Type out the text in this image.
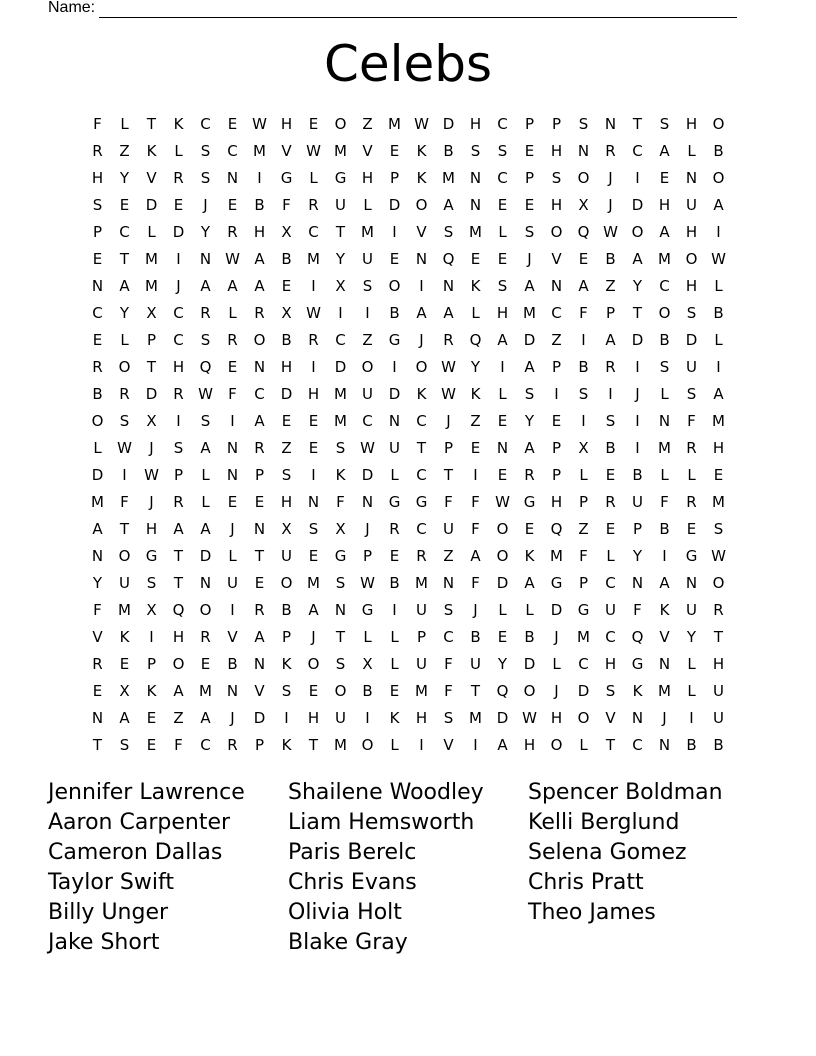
Name:
Celebs
F	L	T	K	C	E W H	E	O	Z	M W D	H	C	P	P	S	N	T	S	H	O
R	Z	K	L	S	C	M	V W M	V	E	K	B	S	S	E	H	N	R	C	A	L	B
H	Y	V	R	S	N	I	G	L	G	H	P	K	M N	C	P	S	O	J	I	E	N	O
S	E	D	E	J	E	B	F	R	U	L	D	O	A	N	E	E	H	X	J	D	H	U	A
P	C	L	D	Y	R	H	X	C	T	M	I	V	S	M	L	S	O	Q W O	A	H	I
E	T	M	I	N W A	B	M	Y	U	E	N	Q	E	E	J	V	E	B	A	M O W
N	A	M	J	A	A	A	E	I	X	S	O	I	N	K	S	A	N	A	Z	Y	C	H	L
C	Y	X	C	R	L	R	X W	I	I	B	A	A	L	H M	C	F	P	T	O	S	B
E	L	P	C	S	R	O	B	R	C	Z	G	J	R	Q	A	D	Z	I	A	D	B	D	L
R	O	T	H	Q	E	N	H	I	D	O	I	O W Y	I	A	P	B	R	I	S	U	I
B	R	D	R W	F	C	D	H M	U	D	K W K	L	S	I	S	I	J	L	S	A
O	S	X	I	S	I	A	E	E	M	C	N	C	J	Z	E	Y	E	I	S	I	N	F	M
L	W	J	S	A	N	R	Z	E	S W U	T	P	E	N	A	P	X	B	I	M	R	H
D	I	W	P	L	N	P	S	I	K	D	L	C	T	I	E	R	P	L	E	B	L	L	E
M	F	J	R	L	E	E	H	N	F	N	G	G	F	F	W G	H	P	R	U	F	R	M
A	T	H	A	A	J	N	X	S	X	J	R	C	U	F	O	E	Q	Z	E	P	B	E	S
N	O	G	T	D	L	T	U	E	G	P	E	R	Z	A	O	K	M	F	L	Y	I	G W
Y	U	S	T	N	U	E	O M	S W B	M N	F	D	A	G	P	C	N	A	N	O
F	M	X	Q	O	I	R	B	A	N	G	I	U	S	J	L	L	D	G	U	F	K	U	R
V	K	I	H	R	V	A	P	J	T	L	L	P	C	B	E	B	J	M	C	Q	V	Y	T
R	E	P	O	E	B	N	K	O	S	X	L	U	F	U	Y	D	L	C	H	G	N	L	H
E	X	K	A	M N	V	S	E	O	B	E	M	F	T	Q	O	J	D	S	K	M	L	U
N	A	E	Z	A	J	D	I	H	U	I	K	H	S	M D W H	O	V	N	J	I	U
T	S	E	F	C	R	P	K	T	M O	L	I	V	I	A	H	O	L	T	C	N	B	B
Jennifer Lawrence
Aaron Carpenter
Cameron Dallas
Taylor Swift
Billy Unger
Jake Short
Shailene Woodley
Liam Hemsworth
Paris Berelc
Chris Evans
Olivia Holt
Blake Gray
Spencer Boldman
Kelli Berglund
Selena Gomez
Chris Pratt
Theo James
